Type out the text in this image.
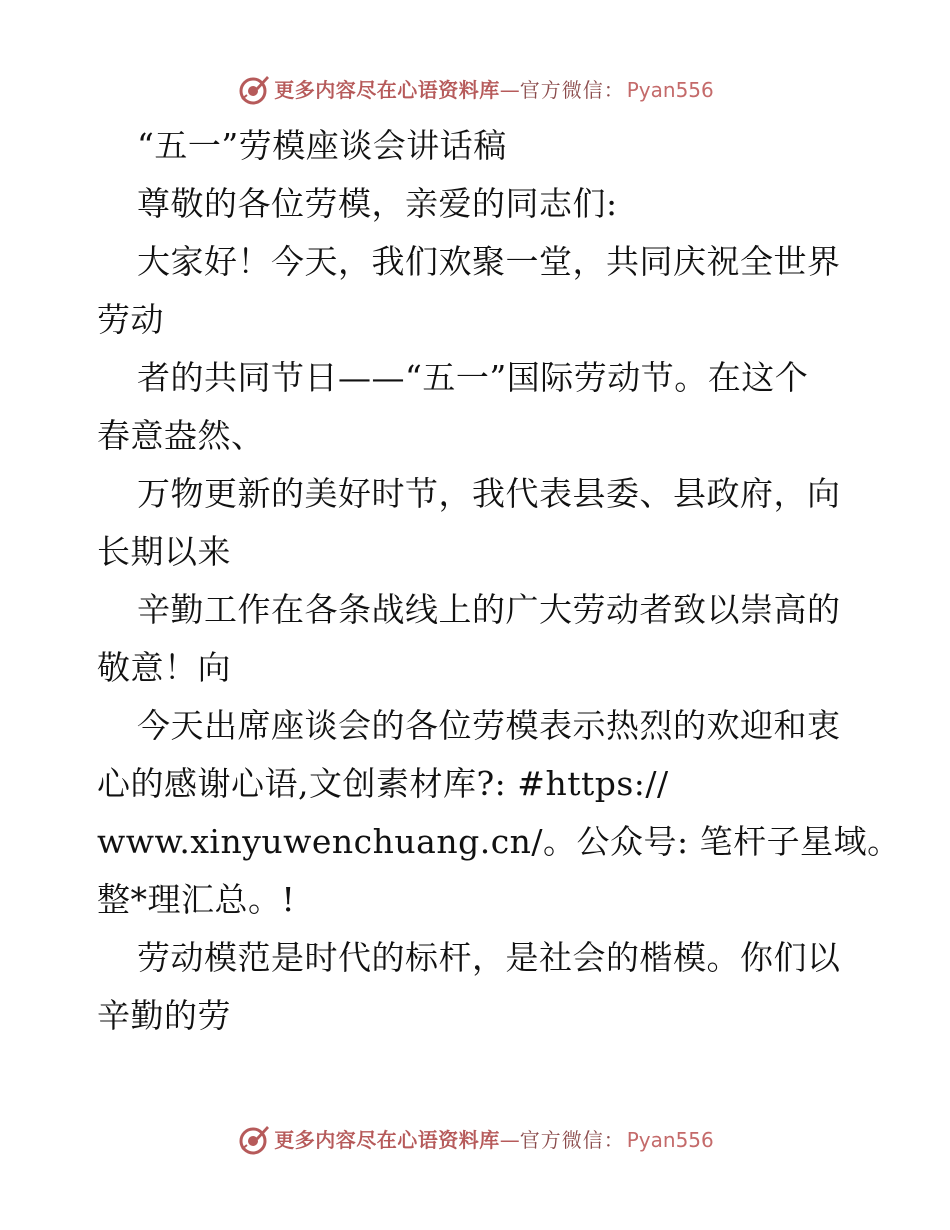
更多内容尽在心语资料库 — 官方微信： Pyan556
“五一”劳模座谈会讲话稿
尊敬的各位劳模，亲爱的同志们:
大家好！今天，我们欢聚一堂，共同庆祝全世界
劳动
者的共同节日——“五一”国际劳动节。在这个
春意盎然、
万物更新的美好时节，我代表县委、县政府，向
长期以来
辛勤工作在各条战线上的广大劳动者致以崇高的
敬意！向
今天出席座谈会的各位劳模表示热烈的欢迎和衷
心的感谢心语,文创素材库?: #https://
www.xinyuwenchuang.cn/。公众号: 笔杆子星域。
整*理汇总。!
劳动模范是时代的标杆，是社会的楷模。你们以
辛勤的劳
更多内容尽在心语资料库 — 官方微信： Pyan556
